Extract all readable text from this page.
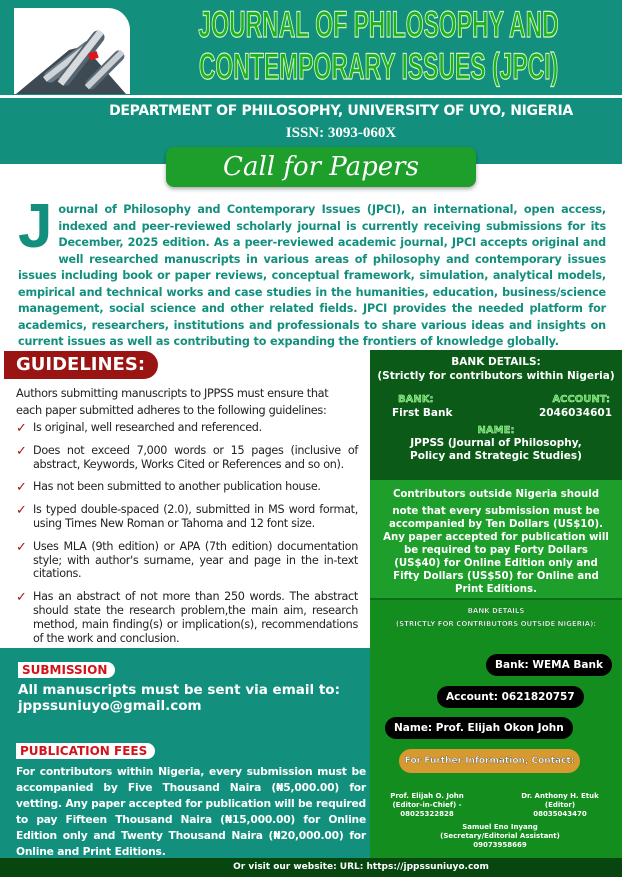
JOURNAL OF PHILOSOPHY AND
CONTEMPORARY ISSUES (JPCI)
DEPARTMENT OF PHILOSOPHY, UNIVERSITY OF UYO, NIGERIA
ISSN: 3093-060X
Call for Papers
J ournal of Philosophy and Contemporary Issues (JPCI), an international, open access, indexed and peer-reviewed scholarly journal is currently receiving submissions for its December, 2025 edition. As a peer-reviewed academic journal, JPCI accepts original and well researched manuscripts in various areas of philosophy and contemporary issues issues including book or paper reviews, conceptual framework, simulation, analytical models, empirical and technical works and case studies in the humanities, education, business/science management, social science and other related fields. JPCI provides the needed platform for academics, researchers, institutions and professionals to share various ideas and insights on current issues as well as contributing to expanding the frontiers of knowledge globally.
GUIDELINES:
Authors submitting manuscripts to JPPSS must ensure that each paper submitted adheres to the following guidelines:
✓ Is original, well researched and referenced.
✓ Does not exceed 7,000 words or 15 pages (inclusive of abstract, Keywords, Works Cited or References and so on).
✓ Has not been submitted to another publication house.
✓ Is typed double-spaced (2.0), submitted in MS word format, using Times New Roman or Tahoma and 12 font size.
✓ Uses MLA (9th edition) or APA (7th edition) documentation style; with author's surname, year and page in the in-text citations.
✓ Has an abstract of not more than 250 words. The abstract should state the research problem,the main aim, research method, main finding(s) or implication(s), recommendations of the work and conclusion.
SUBMISSION
All manuscripts must be sent via email to: jppssuniuyo@gmail.com
PUBLICATION FEES
For contributors within Nigeria, every submission must be accompanied by Five Thousand Naira (₦5,000.00) for vetting. Any paper accepted for publication will be required to pay Fifteen Thousand Naira (₦15,000.00) for Online Edition only and Twenty Thousand Naira (₦20,000.00) for Online and Print Editions.
BANK DETAILS:
(Strictly for contributors within Nigeria)
BANK:
First Bank
ACCOUNT:
2046034601
NAME:
JPPSS (Journal of Philosophy,
Policy and Strategic Studies)
Contributors outside Nigeria should
note that every submission must be accompanied by Ten Dollars (US$10). Any paper accepted for publication will be required to pay Forty Dollars (US$40) for Online Edition only and Fifty Dollars (US$50) for Online and Print Editions.
BANK DETAILS
(STRICTLY FOR CONTRIBUTORS OUTSIDE NIGERIA):
Bank: WEMA Bank
Account: 0621820757
Name: Prof. Elijah Okon John
For Further Information, Contact:
Prof. Elijah O. John
(Editor-in-Chief) -
08025322828
Dr. Anthony H. Etuk
(Editor)
08035043470
Samuel Eno Inyang
(Secretary/Editorial Assistant)
09073958669
Or visit our website: URL: https://jppssuniuyo.com
